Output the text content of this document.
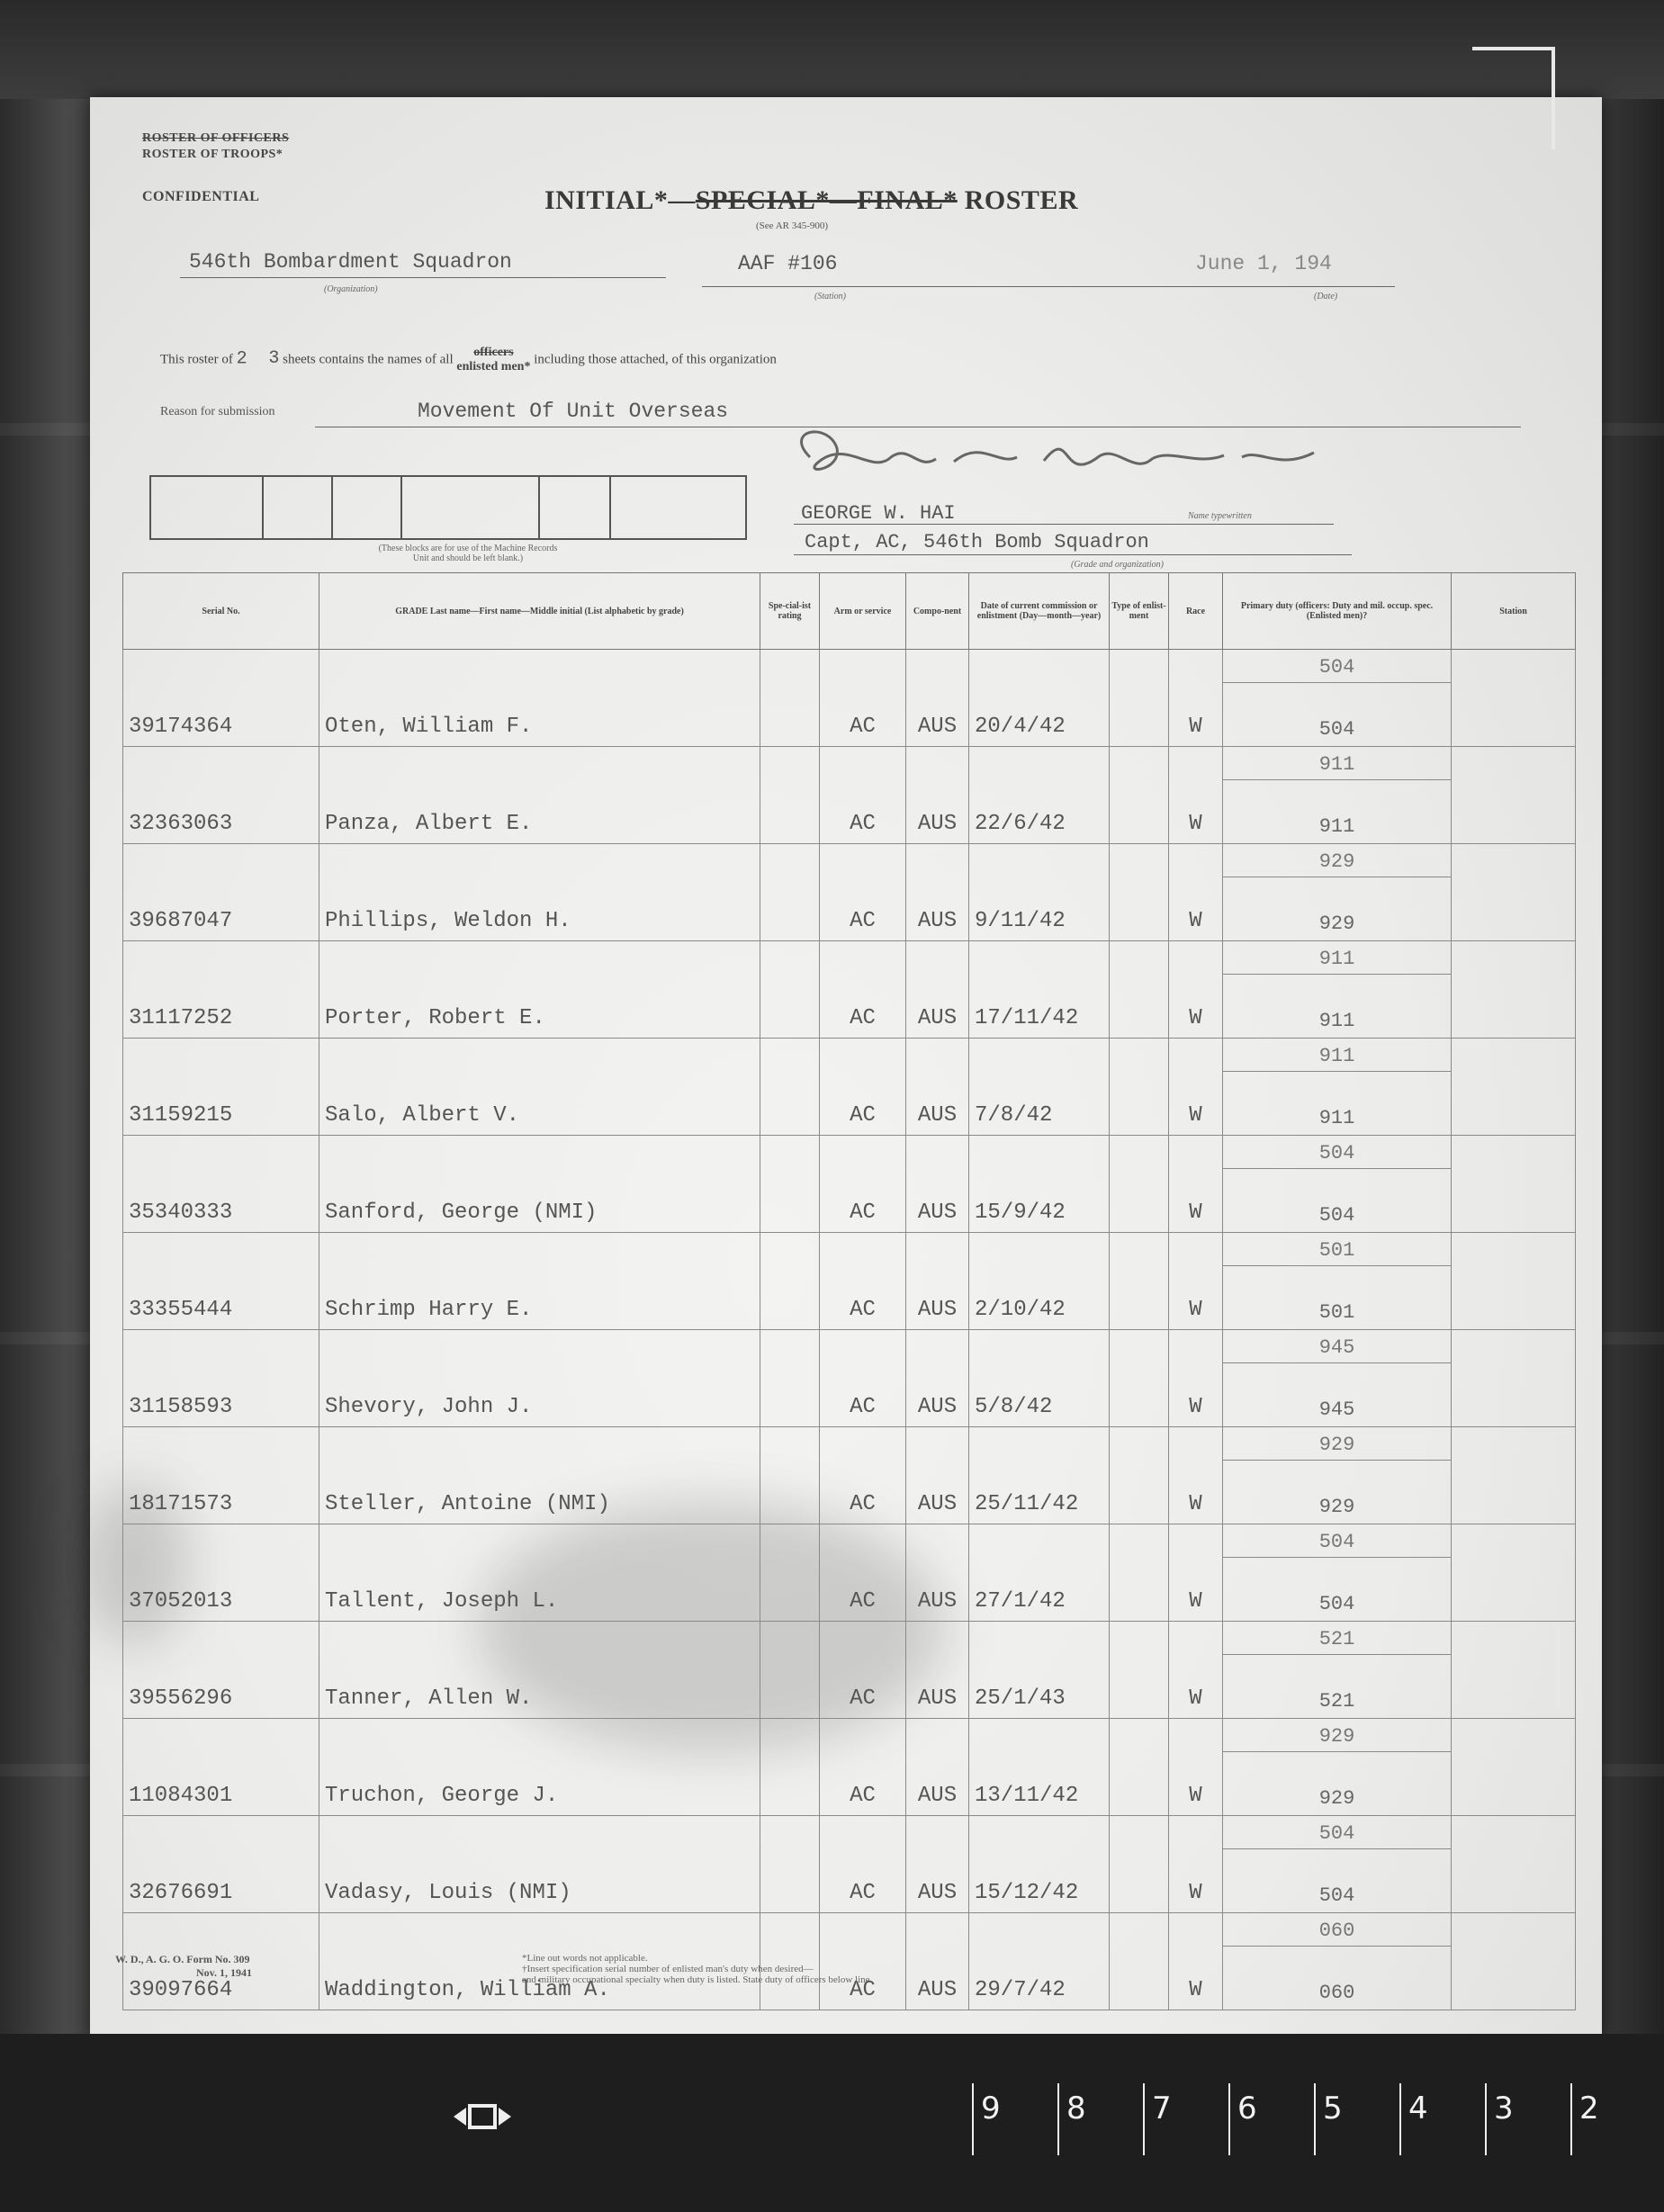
ROSTER OF OFFICERS
ROSTER OF TROOPS*
CONFIDENTIAL	INITIAL*—SPECIAL*—FINAL* ROSTER
(See AR 345-900)
546th Bombardment Squadron
(Organization)
AAF #106
(Station)
June 1, 194
(Date)
This roster of 2 3 sheets contains the names of all	officers
enlisted men*
including those attached, of this organization
Reason for submission	Movement Of Unit Overseas
(These blocks are for use of the Machine Records
Unit and should be left blank.)
GEORGE W. HAI	Name typewritten
Capt, AC, 546th Bomb Squadron
(Grade and organization)
Serial No.	GRADE Last name—First name—Middle initial (List alphabetic by grade)	Spe-cial-ist rating	Arm or service	Compo-nent	Date of current commission or enlistment (Day—month—year)	Type of enlist-ment	Race	Primary duty (officers: Duty and mil. occup. spec. (Enlisted men)?	Station
39174364	Oten, William F.		AC	AUS	20/4/42		W	504
504	

32363063	Panza, Albert E.		AC	AUS	22/6/42		W	911
911	

39687047	Phillips, Weldon H.		AC	AUS	9/11/42		W	929
929	

31117252	Porter, Robert E.		AC	AUS	17/11/42		W	911
911	

31159215	Salo, Albert V.		AC	AUS	7/8/42		W	911
911	

35340333	Sanford, George (NMI)		AC	AUS	15/9/42		W	504
504	

33355444	Schrimp Harry E.		AC	AUS	2/10/42		W	501
501	

31158593	Shevory, John J.		AC	AUS	5/8/42		W	945
945	

18171573	Steller, Antoine (NMI)		AC	AUS	25/11/42		W	929
929	

37052013	Tallent, Joseph L.		AC	AUS	27/1/42		W	504
504	

39556296	Tanner, Allen W.		AC	AUS	25/1/43		W	521
521	

11084301	Truchon, George J.		AC	AUS	13/11/42		W	929
929	

32676691	Vadasy, Louis (NMI)		AC	AUS	15/12/42		W	504
504	

39097664	Waddington, William A.		AC	AUS	29/7/42		W	060
060	

W. D., A. G. O. Form No. 309
Nov. 1, 1941
*Line out words not applicable.
†Insert specification serial number of enlisted man's duty when desired—
and military occupational specialty when duty is listed. State duty of officers below line.
9 8 7 6 5 4 3 2
